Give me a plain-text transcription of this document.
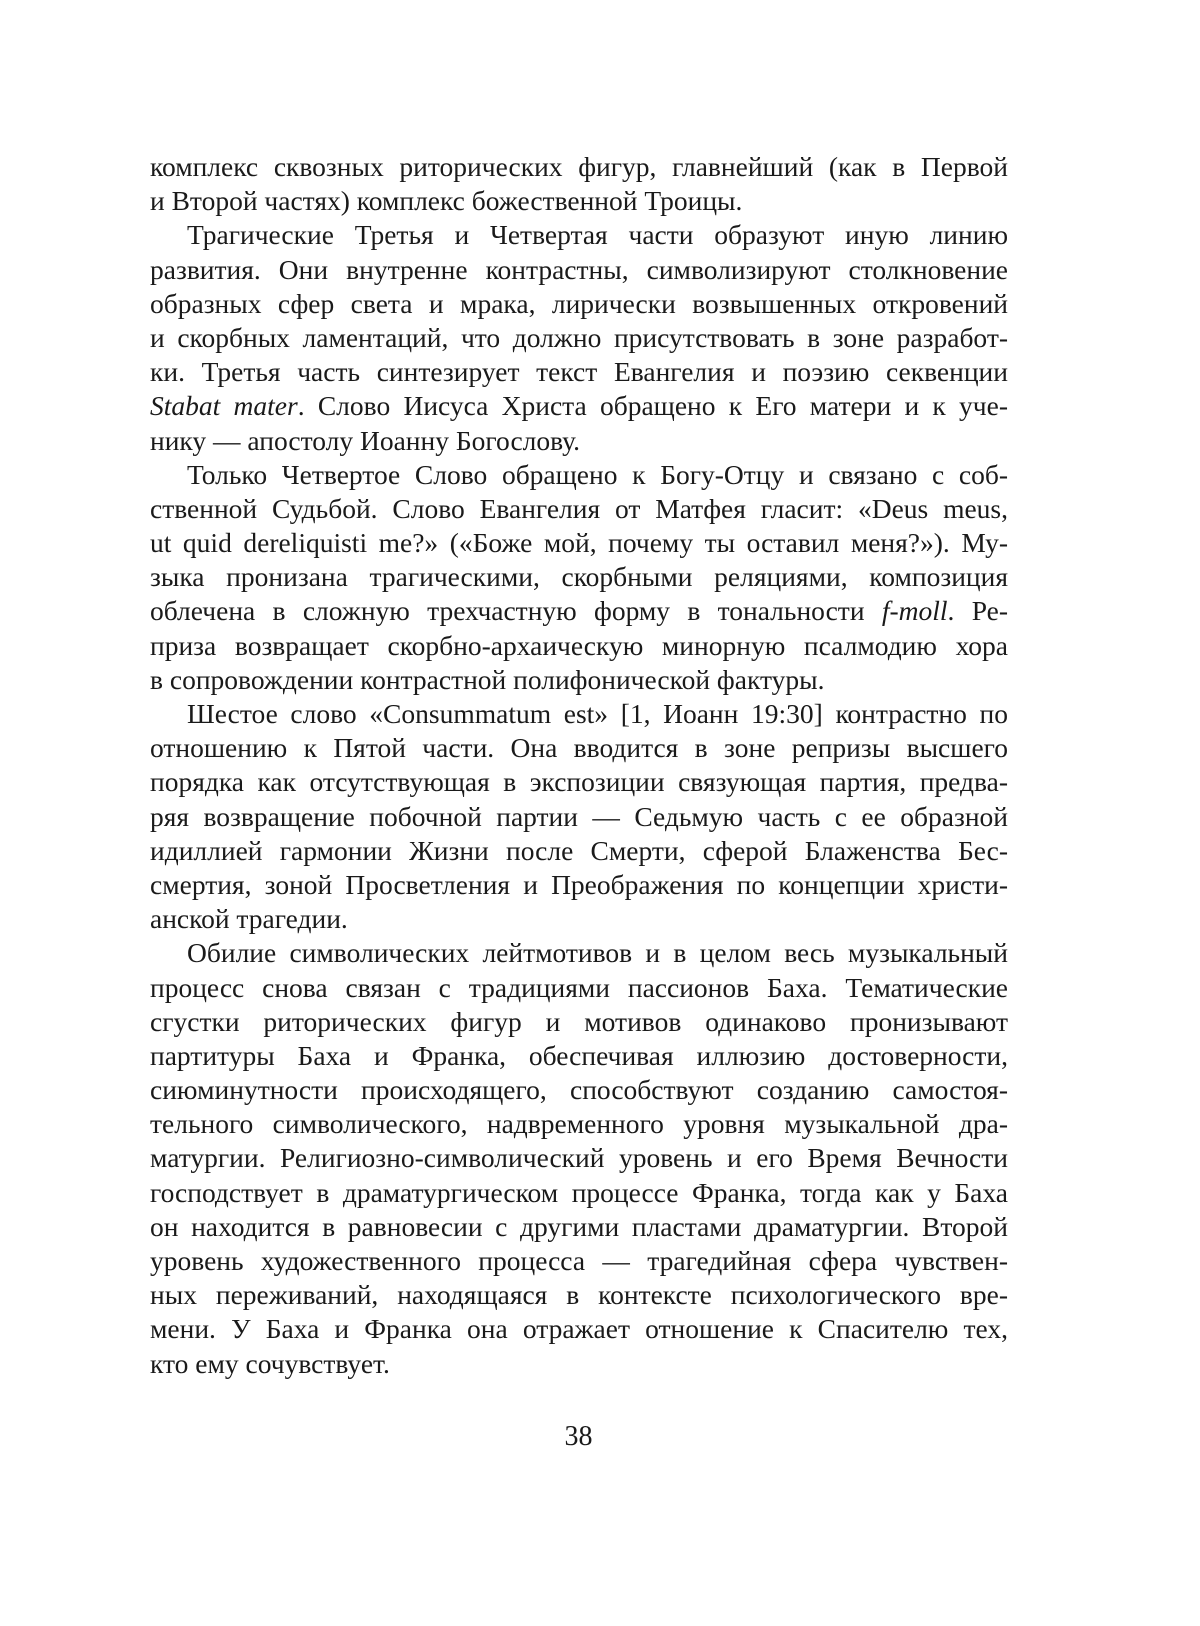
комплекс сквозных риторических фигур, главнейший (как в Первой
и Второй частях) комплекс божественной Троицы.
Трагические Третья и Четвертая части образуют иную линию
развития. Они внутренне контрастны, символизируют столкновение
образных сфер света и мрака, лирически возвышенных откровений
и скорбных ламентаций, что должно присутствовать в зоне разработ-
ки. Третья часть синтезирует текст Евангелия и поэзию секвенции
Stabat mater. Слово Иисуса Христа обращено к Его матери и к уче-
нику — апостолу Иоанну Богослову.
Только Четвертое Слово обращено к Богу-Отцу и связано с соб-
ственной Судьбой. Слово Евангелия от Матфея гласит: «Deus meus,
ut quid dereliquisti me?» («Боже мой, почему ты оставил меня?»). Му-
зыка пронизана трагическими, скорбными реляциями, композиция
облечена в сложную трехчастную форму в тональности f-moll. Ре-
приза возвращает скорбно-архаическую минорную псалмодию хора
в сопровождении контрастной полифонической фактуры.
Шестое слово «Consummatum est» [1, Иоанн 19:30] контрастно по
отношению к Пятой части. Она вводится в зоне репризы высшего
порядка как отсутствующая в экспозиции связующая партия, предва-
ряя возвращение побочной партии — Седьмую часть с ее образной
идиллией гармонии Жизни после Смерти, сферой Блаженства Бес-
смертия, зоной Просветления и Преображения по концепции христи-
анской трагедии.
Обилие символических лейтмотивов и в целом весь музыкальный
процесс снова связан с традициями пассионов Баха. Тематические
сгустки риторических фигур и мотивов одинаково пронизывают
партитуры Баха и Франка, обеспечивая иллюзию достоверности,
сиюминутности происходящего, способствуют созданию самостоя-
тельного символического, надвременного уровня музыкальной дра-
матургии. Религиозно-символический уровень и его Время Вечности
господствует в драматургическом процессе Франка, тогда как у Баха
он находится в равновесии с другими пластами драматургии. Второй
уровень художественного процесса — трагедийная сфера чувствен-
ных переживаний, находящаяся в контексте психологического вре-
мени. У Баха и Франка она отражает отношение к Спасителю тех,
кто ему сочувствует.
38
